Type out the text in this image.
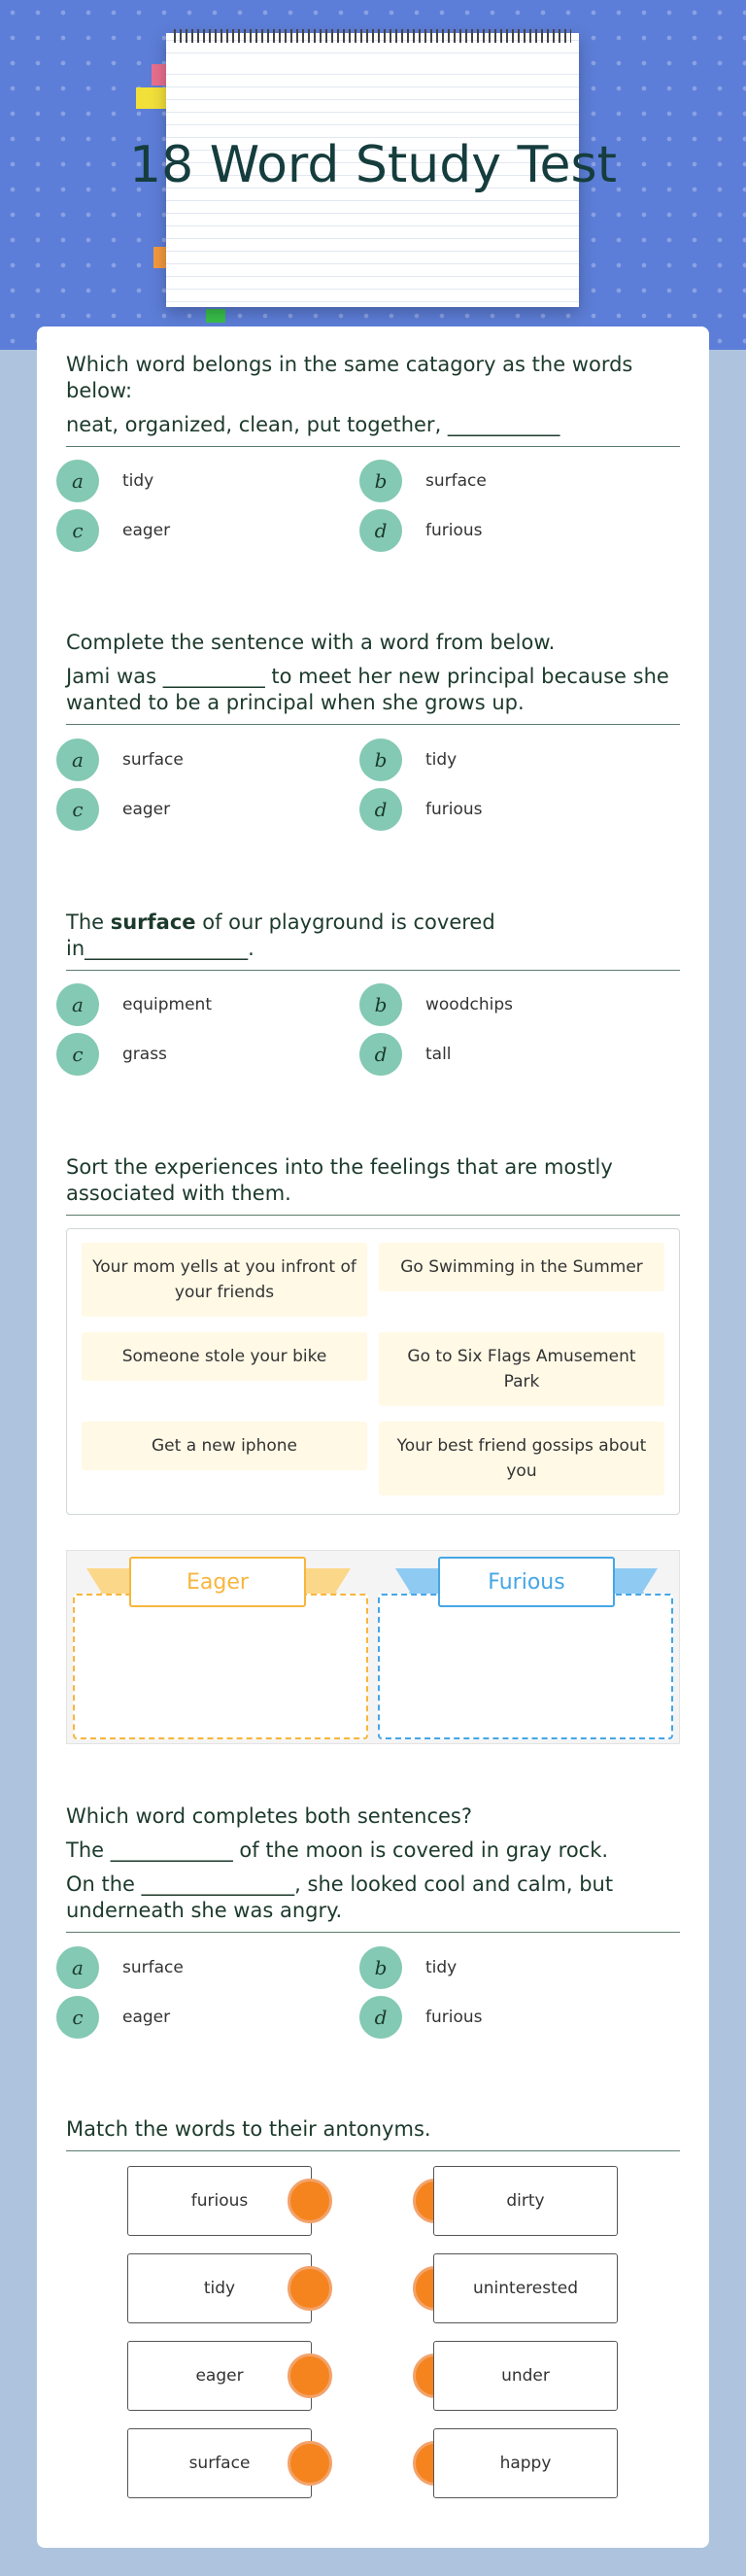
18 Word Study Test

Which word belongs in the same catagory as the words below:

neat, organized, clean, put together, ___________

a	tidy	b	surface
c	eager	d	furious

Complete the sentence with a word from below.

Jami was __________ to meet her new principal because she wanted to be a principal when she grows up.

a	surface	b	tidy
c	eager	d	furious

The surface of our playground is covered in________________.

a	equipment	b	woodchips
c	grass	d	tall

Sort the experiences into the feelings that are mostly associated with them.

Your mom yells at you infront of your friends
Go Swimming in the Summer
Someone stole your bike	Go to Six Flags Amusement Park
Get a new iphone	Your best friend gossips about you
Eager	Furious

Which word completes both sentences?

The ____________ of the moon is covered in gray rock.

On the _______________, she looked cool and calm, but underneath she was angry.

a	surface	b	tidy
c	eager	d	furious

Match the words to their antonyms.

furious	dirty
tidy	uninterested
eager	under
surface	happy
